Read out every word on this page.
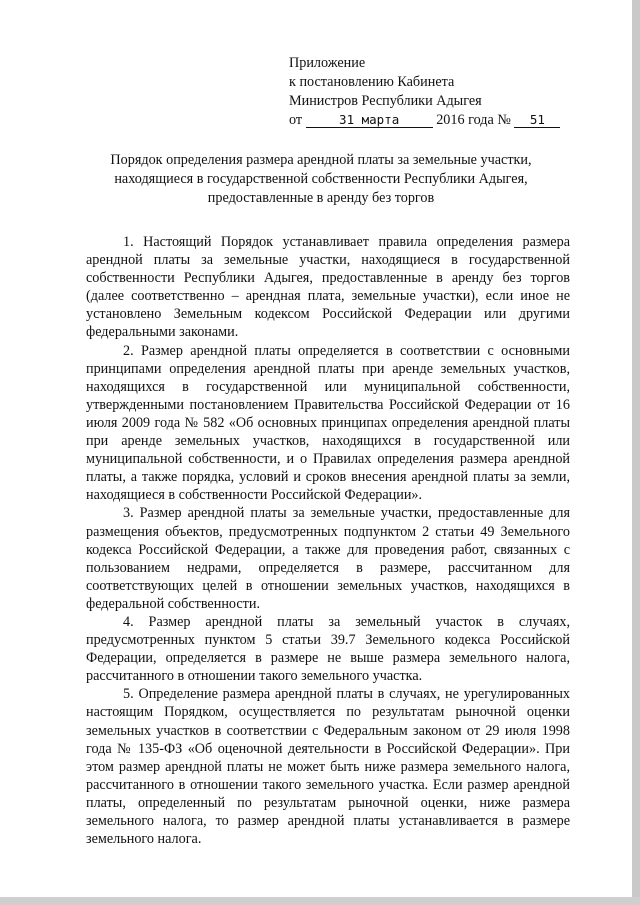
Приложение
к постановлению Кабинета
Министров Республики Адыгея
от	31 марта	2016 года № 51
Порядок определения размера арендной платы за земельные участки,
находящиеся в государственной собственности Республики Адыгея,
предоставленные в аренду без торгов

1. Настоящий Порядок устанавливает правила определения размера арендной платы за земельные участки, находящиеся в государственной собственности Республики Адыгея, предоставленные в аренду без торгов (далее соответственно – арендная плата, земельные участки), если иное не установлено Земельным кодексом Российской Федерации или другими федеральными законами.

2. Размер арендной платы определяется в соответствии с основными принципами определения арендной платы при аренде земельных участков, находящихся в государственной или муниципальной собственности, утвержденными постановлением Правительства Российской Федерации от 16 июля 2009 года № 582 «Об основных принципах определения арендной платы при аренде земельных участков, находящихся в государственной или муниципальной собственности, и о Правилах определения размера арендной платы, а также порядка, условий и сроков внесения арендной платы за земли, находящиеся в собственности Российской Федерации».

3. Размер арендной платы за земельные участки, предоставленные для размещения объектов, предусмотренных подпунктом 2 статьи 49 Земельного кодекса Российской Федерации, а также для проведения работ, связанных с пользованием недрами, определяется в размере, рассчитанном для соответствующих целей в отношении земельных участков, находящихся в федеральной собственности.

4. Размер арендной платы за земельный участок в случаях, предусмотренных пунктом 5 статьи 39.7 Земельного кодекса Российской Федерации, определяется в размере не выше размера земельного налога, рассчитанного в отношении такого земельного участка.

5. Определение размера арендной платы в случаях, не урегулированных настоящим Порядком, осуществляется по результатам рыночной оценки земельных участков в соответствии с Федеральным законом от 29 июля 1998 года № 135-ФЗ «Об оценочной деятельности в Российской Федерации». При этом размер арендной платы не может быть ниже размера земельного налога, рассчитанного в отношении такого земельного участка. Если размер арендной платы, определенный по результатам рыночной оценки, ниже размера земельного налога, то размер арендной платы устанавливается в размере земельного налога.
